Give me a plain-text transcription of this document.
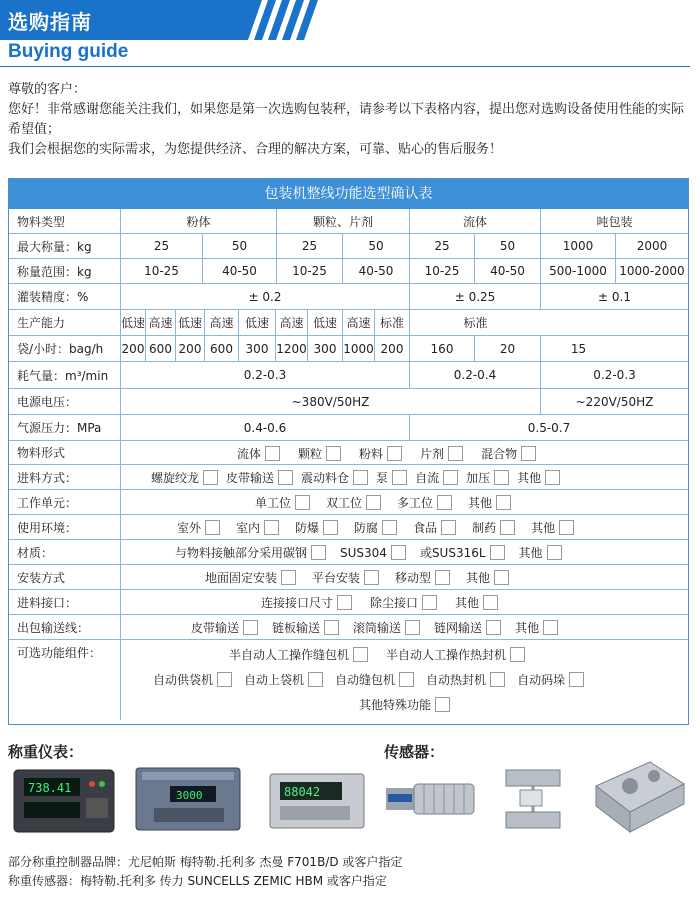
选购指南
Buying guide
尊敬的客户：
您好！非常感谢您能关注我们，如果您是第一次选购包装秤，请参考以下表格内容，提出您对选购设备使用性能的实际希望值；
我们会根据您的实际需求，为您提供经济、合理的解决方案，可靠、贴心的售后服务！
包装机整线功能选型确认表
物料类型	粉体	颗粒、片剂	流体	吨包装
最大称量：kg	25	50	25	50	25	50	1000	2000
称量范围：kg	10-25	40-50	10-25	40-50	10-25	40-50	500-1000	1000-2000
灌装精度：%	± 0.2	± 0.25	± 0.1
生产能力	低速 高速 低速 高速 低速 高速 低速 高速 标准	标准
袋/小时：bag/h	200 600 200 600	300 1200 300 1000 200	160	20	15
耗气量：m³/min	0.2-0.3	0.2-0.4	0.2-0.3
电源电压：	~380V/50HZ	~220V/50HZ
气源压力：MPa	0.4-0.6	0.5-0.7
物料形式	流体	颗粒	粉料	片剂	混合物
进料方式：	螺旋绞龙 皮带输送 震动料仓 泵 自流 加压 其他
工作单元：	单工位	双工位	多工位	其他
使用环境：	室外	室内	防爆	防腐	食品	制药	其他
材质：	与物料接触部分采用碳钢	SUS304	或SUS316L	其他
安装方式	地面固定安装	平台安装	移动型	其他
进料接口：	连接接口尺寸	除尘接口	其他
出包输送线：	皮带输送	链板输送	滚筒输送	链网输送	其他
可选功能组件：	半自动人工操作缝包机	半自动人工操作热封机
自动供袋机	自动上袋机	自动缝包机	自动热封机	自动码垛
其他特殊功能
称重仪表：	传感器：
738.41
3000	88042
部分称重控制器品牌：尤尼帕斯 梅特勒.托利多 杰曼 F701B/D 或客户指定
称重传感器：梅特勒.托利多 传力 SUNCELLS ZEMIC HBM 或客户指定
